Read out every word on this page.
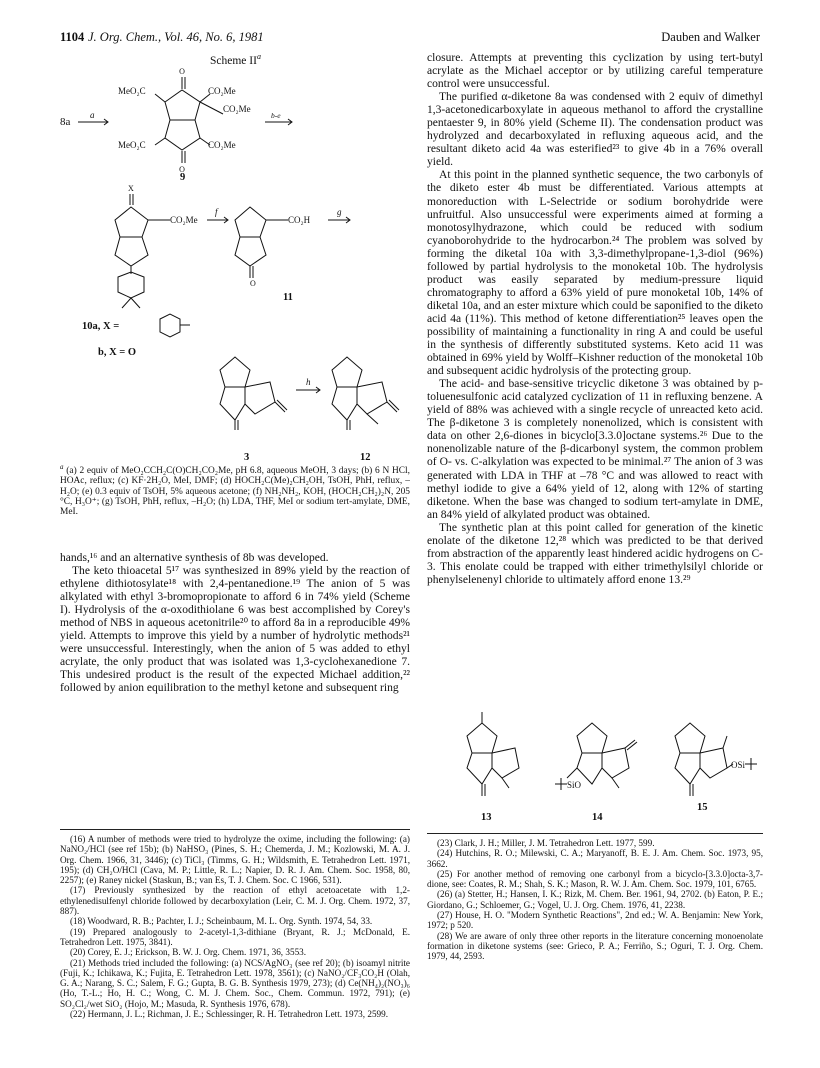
1104 J. Org. Chem., Vol. 46, No. 6, 1981	Dauben and Walker
Scheme $II^a$
8a
a
O
O
MeO₂C	CO₂Me
CO₂Me
MeO₂C	CO₂Me
9
b-e
X
CO₂Me
f
O
CO₂H
g
11
10a, X =
b, X = O
3
h
12
$^a$ (a) 2 equiv of MeO₂CCH₂C(O)CH₂CO₂Me, pH 6.8, aqueous MeOH, 3 days; (b) 6 N HCl, HOAc, reflux; (c) KF·2H₂O, MeI, DMF; (d) HOCH₂C(Me)₂CH₂OH, TsOH, PhH, reflux, –H₂O; (e) 0.3 equiv of TsOH, 5% aqueous acetone; (f) NH₂NH₂, KOH, (HOCH₂CH₂)₂N, 205 °C, H₃O⁺; (g) TsOH, PhH, reflux, –H₂O; (h) LDA, THF, MeI or sodium tert-amylate, DME, MeI.

hands,¹⁶ and an alternative synthesis of 8b was developed.

The keto thioacetal 5¹⁷ was synthesized in 89% yield by the reaction of ethylene dithiotosylate¹⁸ with 2,4-pentanedione.¹⁹ The anion of 5 was alkylated with ethyl 3-bromopropionate to afford 6 in 74% yield (Scheme I). Hydrolysis of the α-oxodithiolane 6 was best accomplished by Corey's method of NBS in aqueous acetonitrile²⁰ to afford 8a in a reproducible 49% yield. Attempts to improve this yield by a number of hydrolytic methods²¹ were unsuccessful. Interestingly, when the anion of 5 was added to ethyl acrylate, the only product that was isolated was 1,3-cyclohexanedione 7. This undesired product is the result of the expected Michael addition,²² followed by anion equilibration to the methyl ketone and subsequent ring

(16) A number of methods were tried to hydrolyze the oxime, including the following: (a) NaNO₂/HCl (see ref 15b); (b) NaHSO₃ (Pines, S. H.; Chemerda, J. M.; Kozlowski, M. A. J. Org. Chem. 1966, 31, 3446); (c) TiCl₃ (Timms, G. H.; Wildsmith, E. Tetrahedron Lett. 1971, 195); (d) CH₂O/HCl (Cava, M. P.; Little, R. L.; Napier, D. R. J. Am. Chem. Soc. 1958, 80, 2257); (e) Raney nickel (Staskun, B.; van Es, T. J. Chem. Soc. C 1966, 531).

(17) Previously synthesized by the reaction of ethyl acetoacetate with 1,2-ethylenedisulfenyl chloride followed by decarboxylation (Leir, C. M. J. Org. Chem. 1972, 37, 887).

(18) Woodward, R. B.; Pachter, I. J.; Scheinbaum, M. L. Org. Synth. 1974, 54, 33.

(19) Prepared analogously to 2-acetyl-1,3-dithiane (Bryant, R. J.; McDonald, E. Tetrahedron Lett. 1975, 3841).

(20) Corey, E. J.; Erickson, B. W. J. Org. Chem. 1971, 36, 3553.

(21) Methods tried included the following: (a) NCS/AgNO₃ (see ref 20); (b) isoamyl nitrite (Fuji, K.; Ichikawa, K.; Fujita, E. Tetrahedron Lett. 1978, 3561); (c) NaNO₂/CF₃CO₂H (Olah, G. A.; Narang, S. C.; Salem, F. G.; Gupta, B. G. B. Synthesis 1979, 273); (d) Ce(NH₄)₂(NO₃)₆ (Ho, T.-L.; Ho, H. C.; Wong, C. M. J. Chem. Soc., Chem. Commun. 1972, 791); (e) SO₂Cl₂/wet SiO₂ (Hojo, M.; Masuda, R. Synthesis 1976, 678).

(22) Hermann, J. L.; Richman, J. E.; Schlessinger, R. H. Tetrahedron Lett. 1973, 2599.

closure. Attempts at preventing this cyclization by using tert-butyl acrylate as the Michael acceptor or by utilizing careful temperature control were unsuccessful.

The purified α-diketone 8a was condensed with 2 equiv of dimethyl 1,3-acetonedicarboxylate in aqueous methanol to afford the crystalline pentaester 9, in 80% yield (Scheme II). The condensation product was hydrolyzed and decarboxylated in refluxing aqueous acid, and the resultant diketo acid 4a was esterified²³ to give 4b in a 76% overall yield.

At this point in the planned synthetic sequence, the two carbonyls of the diketo ester 4b must be differentiated. Various attempts at monoreduction with L-Selectride or sodium borohydride were unfruitful. Also unsuccessful were experiments aimed at forming a monotosylhydrazone, which could be reduced with sodium cyanoborohydride to the hydrocarbon.²⁴ The problem was solved by forming the diketal 10a with 3,3-dimethylpropane-1,3-diol (96%) followed by partial hydrolysis to the monoketal 10b. The hydrolysis product was easily separated by medium-pressure liquid chromatography to afford a 63% yield of pure monoketal 10b, 14% of diketal 10a, and an ester mixture which could be saponified to the diketo acid 4a (11%). This method of ketone differentiation²⁵ leaves open the possibility of maintaining a functionality in ring A and could be useful in the synthesis of differently substituted systems. Keto acid 11 was obtained in 69% yield by Wolff–Kishner reduction of the monoketal 10b and subsequent acidic hydrolysis of the protecting group.

The acid- and base-sensitive tricyclic diketone 3 was obtained by p-toluenesulfonic acid catalyzed cyclization of 11 in refluxing benzene. A yield of 88% was achieved with a single recycle of unreacted keto acid. The β-diketone 3 is completely nonenolized, which is consistent with data on other 2,6-diones in bicyclo[3.3.0]octane systems.²⁶ Due to the nonenolizable nature of the β-dicarbonyl system, the common problem of O- vs. C-alkylation was expected to be minimal.²⁷ The anion of 3 was generated with LDA in THF at –78 °C and was allowed to react with methyl iodide to give a 64% yield of 12, along with 12% of starting diketone. When the base was changed to sodium tert-amylate in DME, an 84% yield of alkylated product was obtained.

The synthetic plan at this point called for generation of the kinetic enolate of the diketone 12,²⁸ which was predicted to be that derived from abstraction of the apparently least hindered acidic hydrogens on C-3. This enolate could be trapped with either trimethylsilyl chloride or phenylselenenyl chloride to ultimately afford enone 13.²⁹

13
SiO
14
OSi
15

(23) Clark, J. H.; Miller, J. M. Tetrahedron Lett. 1977, 599.

(24) Hutchins, R. O.; Milewski, C. A.; Maryanoff, B. E. J. Am. Chem. Soc. 1973, 95, 3662.

(25) For another method of removing one carbonyl from a bicyclo-[3.3.0]octa-3,7-dione, see: Coates, R. M.; Shah, S. K.; Mason, R. W. J. Am. Chem. Soc. 1979, 101, 6765.

(26) (a) Stetter, H.; Hansen, I. K.; Rizk, M. Chem. Ber. 1961, 94, 2702. (b) Eaton, P. E.; Giordano, G.; Schloemer, G.; Vogel, U. J. Org. Chem. 1976, 41, 2238.

(27) House, H. O. "Modern Synthetic Reactions", 2nd ed.; W. A. Benjamin: New York, 1972; p 520.

(28) We are aware of only three other reports in the literature concerning monoenolate formation in diketone systems (see: Grieco, P. A.; Ferriño, S.; Oguri, T. J. Org. Chem. 1979, 44, 2593.
